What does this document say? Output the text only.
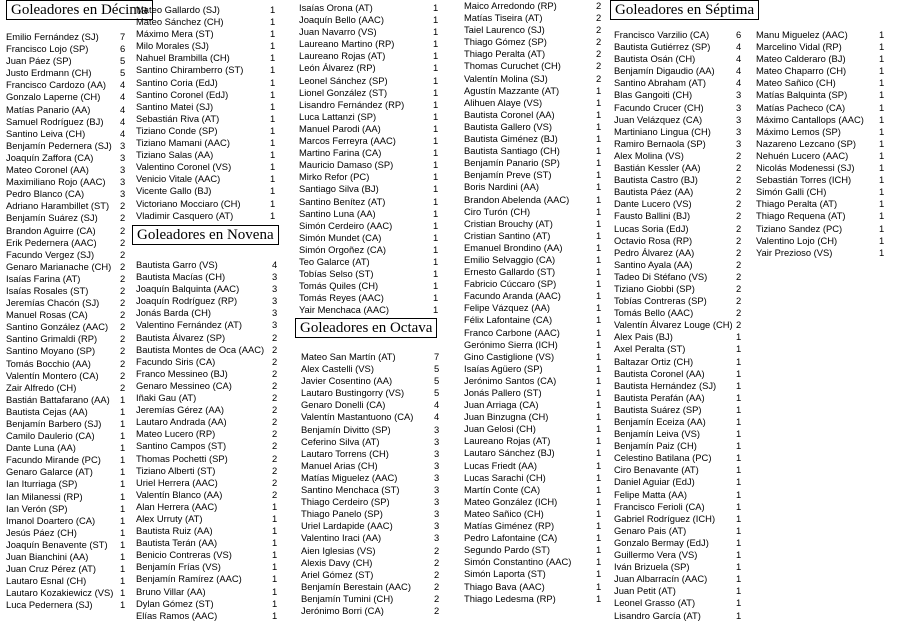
Goleadores en Décima
Emilio Fernández (SJ) 7
Francisco Lojo (SP)	6
Juan Páez (SP)	5
Justo Erdmann (CH)	5
Francisco Cardozo (AA) 4
Gonzalo Laperne (CH) 4
Matías Panario (AA)	4
Samuel Rodríguez (BJ) 4
Santino Leiva (CH)	4
Benjamín Pedernera (SJ) 3
Joaquín Zaffora (CA)	3
Mateo Coronel (AA)	3
Maximiliano Rojo (AAC) 3
Pedro Blanco (CA)	3
Adriano Harambillet (ST) 2
Benjamín Suárez (SJ) 2
Brandon Aguirre (CA)	2
Erik Pedernera (AAC) 2
Facundo Vergez (SJ)	2
Genaro Marianache (CH) 2
Isaías Farina (AT)	2
Isaías Rosales (ST)	2
Jeremías Chacón (SJ) 2
Manuel Rosas (CA)	2
Santino González (AAC) 2
Santino Grimaldi (RP) 2
Santino Moyano (SP)	2
Tomás Bocchio (AA)	2
Valentín Montero (CA) 2
Zair Alfredo (CH)	2
Bastián Battafarano (AA) 1
Bautista Cejas (AA)	1
Benjamín Barbero (SJ) 1
Camilo Daulerio (CA)	1
Dante Luna (AA)	1
Facundo Mirande (PC) 1
Genaro Galarce (AT)	1
Ian Iturriaga (SP)	1
Ian Milanessi (RP)	1
Ian Verón (SP)	1
Imanol Doartero (CA)	1
Jesús Páez (CH)	1
Joaquín Benavente (ST) 1
Juan Bianchini (AA)	1
Juan Cruz Pérez (AT)	1
Lautaro Esnal (CH)	1
Lautaro Kozakiewicz (VS) 1
Luca Pedernera (SJ)	1
Mateo Gallardo (SJ)	1
Mateo Sánchez (CH)	1
Máximo Mera (ST)	1
Milo Morales (SJ)	1
Nahuel Brambilla (CH)	1
Santino Chiramberro (ST)	1
Santino Coria (EdJ)	1
Santino Coronel (EdJ)	1
Santino Matei (SJ)	1
Sebastián Riva (AT)	1
Tiziano Conde (SP)	1
Tiziano Mamani (AAC)	1
Tiziano Salas (AA)	1
Valentino Coronel (VS)	1
Venicio Vitale (AAC)	1
Vicente Gallo (BJ)	1
Victoriano Mocciaro (CH)	1
Vladimir Casquero (AT)	1
Goleadores en Novena
Bautista Garro (VS)	4
Bautista Macías (CH)	3
Joaquín Balquinta (AAC)	3
Joaquín Rodríguez (RP)	3
Jonás Barda (CH)	3
Valentino Fernández (AT)	3
Bautista Álvarez (SP)	2
Bautista Montes de Oca (AAC) 2
Facundo Siris (CA)	2
Franco Messineo (BJ)	2
Genaro Messineo (CA)	2
Iñaki Gau (AT)	2
Jeremías Gérez (AA)	2
Lautaro Andrada (AA)	2
Mateo Lucero (RP)	2
Santino Campos (ST)	2
Thomas Pochetti (SP)	2
Tiziano Alberti (ST)	2
Uriel Herrera (AAC)	2
Valentín Blanco (AA)	2
Alan Herrera (AAC)	1
Alex Urruty (AT)	1
Bautista Ruiz (AA)	1
Bautista Terán (AA)	1
Benicio Contreras (VS)	1
Benjamín Frías (VS)	1
Benjamín Ramírez (AAC)	1
Bruno Villar (AA)	1
Dylan Gómez (ST)	1
Elías Ramos (AAC)	1
Isaías Orona (AT)	1
Joaquín Bello (AAC)	1
Juan Navarro (VS)	1
Laureano Martino (RP)	1
Laureano Rojas (AT)	1
León Álvarez (RP)	1
Leonel Sánchez (SP)	1
Lionel González (ST)	1
Lisandro Fernández (RP)	1
Luca Lattanzi (SP)	1
Manuel Parodi (AA)	1
Marcos Ferreyra (AAC)	1
Martino Farina (CA)	1
Mauricio Damaso (SP)	1
Mirko Refor (PC)	1
Santiago Silva (BJ)	1
Santino Benítez (AT)	1
Santino Luna (AA)	1
Simón Cerdeiro (AAC)	1
Simón Mundet (CA)	1
Simón Orgoñez (CA)	1
Teo Galarce (AT)	1
Tobías Selso (ST)	1
Tomás Quiles (CH)	1
Tomás Reyes (AAC)	1
Yair Menchaca (AAC)	1
Goleadores en Octava
Mateo San Martín (AT)	7
Alex Castelli (VS)	5
Javier Cosentino (AA)	5
Lautaro Bustingorry (VS)	5
Genaro Donelli (CA)	4
Valentín Mastantuono (CA) 4
Benjamín Divitto (SP)	3
Ceferino Silva (AT)	3
Lautaro Torrens (CH)	3
Manuel Arias (CH)	3
Matías Miguelez (AAC)	3
Santino Menchaca (ST)	3
Thiago Cerdeiro (SP)	3
Thiago Panelo (SP)	3
Uriel Lardapide (AAC)	3
Valentino Iraci (AA)	3
Aien Iglesias (VS)	2
Alexis Davy (CH)	2
Ariel Gómez (ST)	2
Benjamín Berestain (AAC) 2
Benjamín Tumini (CH)	2
Jerónimo Borri (CA)	2
Maico Arredondo (RP)	2
Matías Tiseira (AT)	2
Taiel Laurenco (SJ)	2
Thiago Gómez (SP)	2
Thiago Peralta (AT)	2
Thomas Curuchet (CH)	2
Valentín Molina (SJ)	2
Agustín Mazzante (AT)	1
Alihuen Alaye (VS)	1
Bautista Coronel (AA)	1
Bautista Gallero (VS)	1
Bautista Giménez (BJ)	1
Bautista Santiago (CH)	1
Benjamín Panario (SP)	1
Benjamín Preve (ST)	1
Boris Nardini (AA)	1
Brandon Abelenda (AAC)	1
Ciro Turón (CH)	1
Cristian Brouchy (AT)	1
Cristian Santino (AT)	1
Emanuel Brondino (AA)	1
Emilio Selvaggio (CA)	1
Ernesto Gallardo (ST)	1
Fabricio Cúccaro (SP)	1
Facundo Aranda (AAC)	1
Felipe Vázquez (AA)	1
Félix Lafontaine (CA)	1
Franco Carbone (AAC)	1
Gerónimo Sierra (ICH)	1
Gino Castiglione (VS)	1
Isaías Agüero (SP)	1
Jerónimo Santos (CA)	1
Jonás Pallero (ST)	1
Juan Arriaga (CA)	1
Juan Binzugna (CH)	1
Juan Gelosi (CH)	1
Laureano Rojas (AT)	1
Lautaro Sánchez (BJ)	1
Lucas Friedt (AA)	1
Lucas Sarachi (CH)	1
Martín Conte (CA)	1
Mateo González (ICH)	1
Mateo Sañico (CH)	1
Matías Giménez (RP)	1
Pedro Lafontaine (CA)	1
Segundo Pardo (ST)	1
Simón Constantino (AAC)	1
Simón Laporta (ST)	1
Thiago Bava (AAC)	1
Thiago Ledesma (RP)	1
Goleadores en Séptima
Francisco Varzilio (CA)	6
Bautista Gutiérrez (SP)	4
Bautista Osán (CH)	4
Benjamín Digaudio (AA) 4
Santino Abraham (AT)	4
Blas Gangoiti (CH)	3
Facundo Crucer (CH)	3
Juan Velázquez (CA)	3
Martiniano Lingua (CH)	3
Ramiro Bernaola (SP)	3
Alex Molina (VS)	2
Bastián Kessler (AA)	2
Bautista Castro (BJ)	2
Bautista Páez (AA)	2
Dante Lucero (VS)	2
Fausto Ballini (BJ)	2
Lucas Soria (EdJ)	2
Octavio Rosa (RP)	2
Pedro Álvarez (AA)	2
Santino Ayala (AA)	2
Tadeo Di Stéfano (VS)	2
Tiziano Giobbi (SP)	2
Tobías Contreras (SP)	2
Tomás Bello (AAC)	2
Valentín Álvarez Louge (CH) 2
Alex Pais (BJ)	1
Axel Peralta (ST)	1
Baltazar Ortiz (CH)	1
Bautista Coronel (AA)	1
Bautista Hernández (SJ) 1
Bautista Perafán (AA)	1
Bautista Suárez (SP)	1
Benjamín Eceiza (AA)	1
Benjamín Leiva (VS)	1
Benjamín Paiz (CH)	1
Celestino Batilana (PC)	1
Ciro Benavante (AT)	1
Daniel Aguiar (EdJ)	1
Felipe Matta (AA)	1
Francisco Ferioli (CA)	1
Gabriel Rodríguez (ICH) 1
Genaro Pais (AT)	1
Gonzalo Bermay (EdJ)	1
Guillermo Vera (VS)	1
Iván Brizuela (SP)	1
Juan Albarracín (AAC)	1
Juan Petit (AT)	1
Leonel Grasso (AT)	1
Lisandro García (AT)	1
Manu Miguelez (AAC)	1
Marcelino Vidal (RP)	1
Mateo Calderaro (BJ)	1
Mateo Chaparro (CH)	1
Mateo Sañico (CH)	1
Matías Balquinta (SP)	1
Matías Pacheco (CA)	1
Máximo Cantallops (AAC) 1
Máximo Lemos (SP)	1
Nazareno Lezcano (SP) 1
Nehuén Lucero (AAC)	1
Nicolás Modenessi (SJ)	1
Sebastián Torres (ICH)	1
Simón Galli (CH)	1
Thiago Peralta (AT)	1
Thiago Requena (AT)	1
Tiziano Sandez (PC)	1
Valentino Lojo (CH)	1
Yair Prezioso (VS)	1
